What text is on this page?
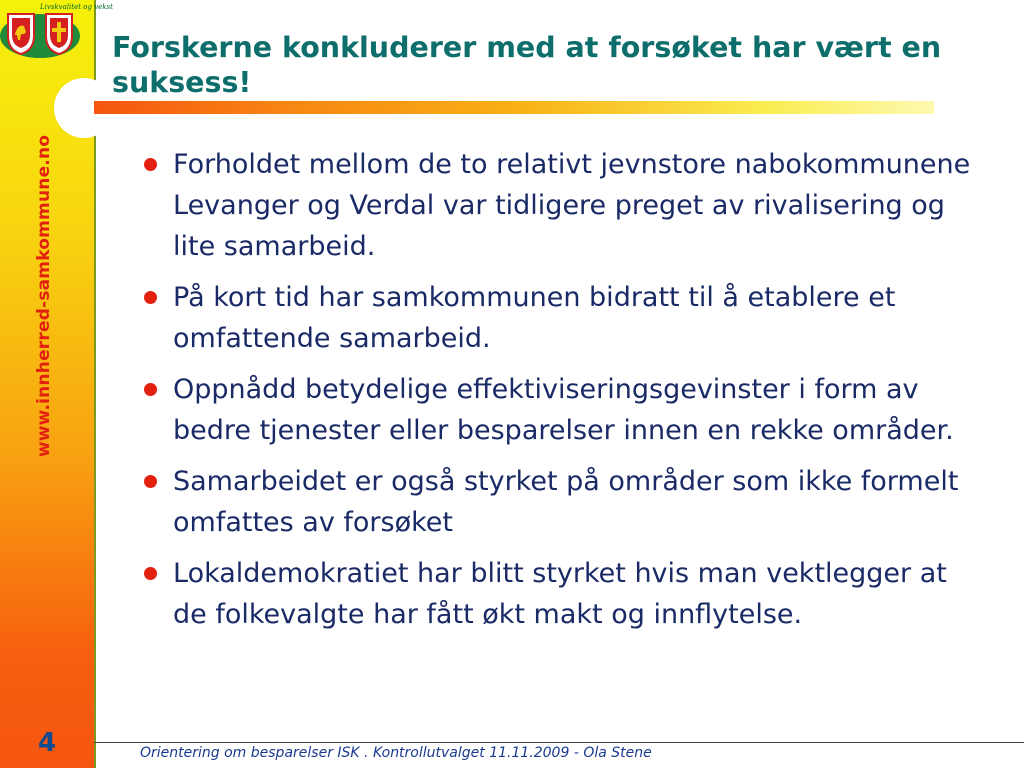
www.innherred-samkommune.no
4
Livskvalitet og vekst
Forskerne konkluderer med at forsøket har vært en suksess!
Forholdet mellom de to relativt jevnstore nabokommunene Levanger og Verdal var tidligere preget av rivalisering og lite samarbeid.
På kort tid har samkommunen bidratt til å etablere et omfattende samarbeid.
Oppnådd betydelige effektiviseringsgevinster i form av bedre tjenester eller besparelser innen en rekke områder.
Samarbeidet er også styrket på områder som ikke formelt omfattes av forsøket
Lokaldemokratiet har blitt styrket hvis man vektlegger at de folkevalgte har fått økt makt og innflytelse.
Orientering om besparelser ISK . Kontrollutvalget 11.11.2009 - Ola Stene
